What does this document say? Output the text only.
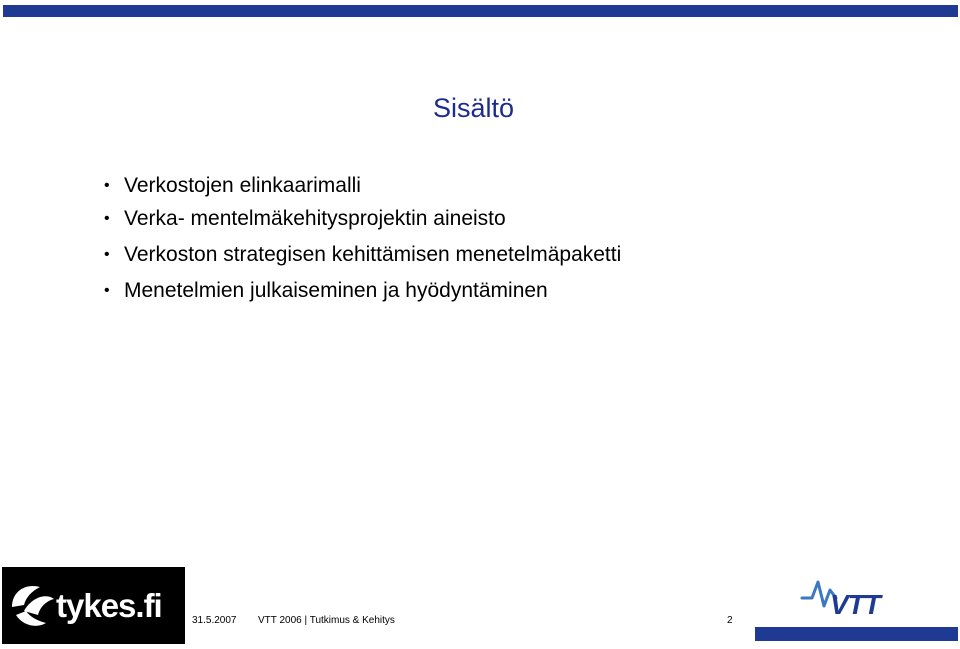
Sisältö
• Verkostojen elinkaarimalli
• Verka- mentelmäkehitysprojektin aineisto
• Verkoston strategisen kehittämisen menetelmäpaketti
• Menetelmien julkaiseminen ja hyödyntäminen
tykes.fi	31.5.2007 VTT 2006 | Tutkimus & Kehitys	2
VTT
